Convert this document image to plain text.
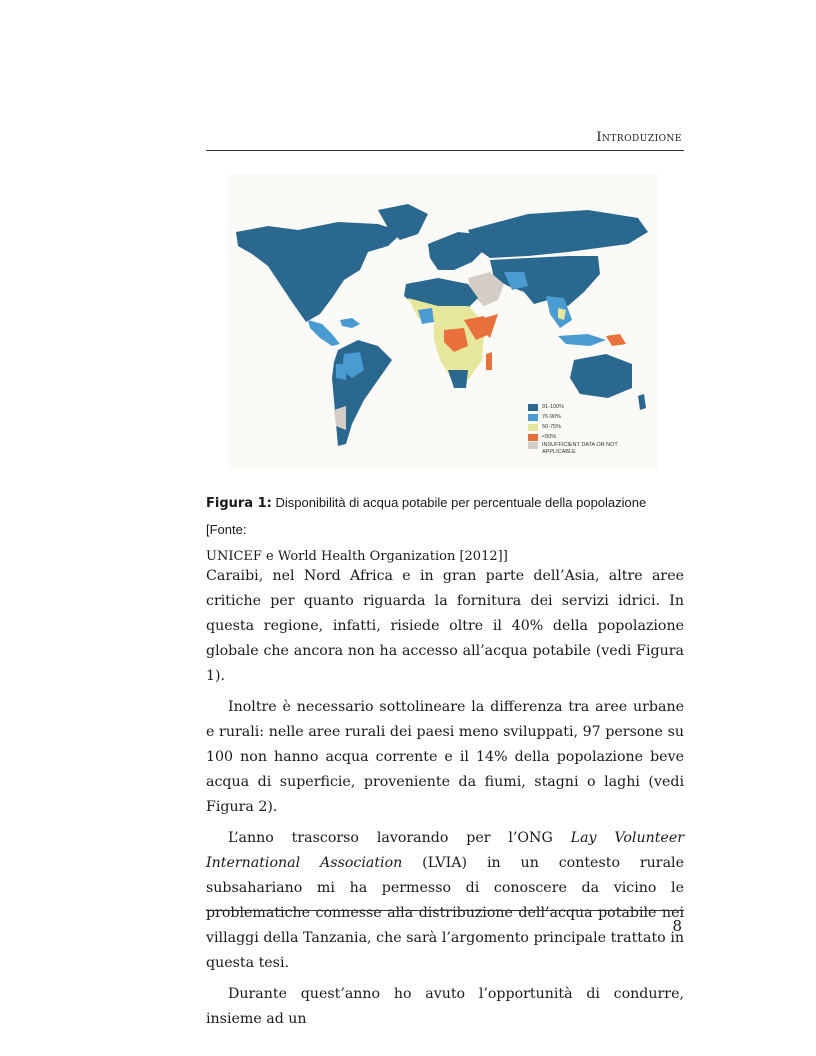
Introduzione
91-100%
76-90%
50-75%
<50%
INSUFFICIENT DATA OR NOT APPLICABLE
Figura 1: Disponibilità di acqua potabile per percentuale della popolazione [Fonte:
UNICEF e World Health Organization [2012]]

Caraibi, nel Nord Africa e in gran parte dell’Asia, altre aree critiche per quanto riguarda la fornitura dei servizi idrici. In questa regione, infatti, risiede oltre il 40% della popolazione globale che ancora non ha accesso all’acqua potabile (vedi Figura 1).

Inoltre è necessario sottolineare la differenza tra aree urbane e rurali: nelle aree rurali dei paesi meno sviluppati, 97 persone su 100 non hanno acqua corrente e il 14% della popolazione beve acqua di superficie, proveniente da fiumi, stagni o laghi (vedi Figura 2).

L’anno trascorso lavorando per l’ONG Lay Volunteer International Association (LVIA) in un contesto rurale subsahariano mi ha permesso di conoscere da vicino le problematiche connesse alla distribuzione dell’acqua potabile nei villaggi della Tanzania, che sarà l’argomento principale trattato in questa tesi.

Durante quest’anno ho avuto l’opportunità di condurre, insieme ad un

8
